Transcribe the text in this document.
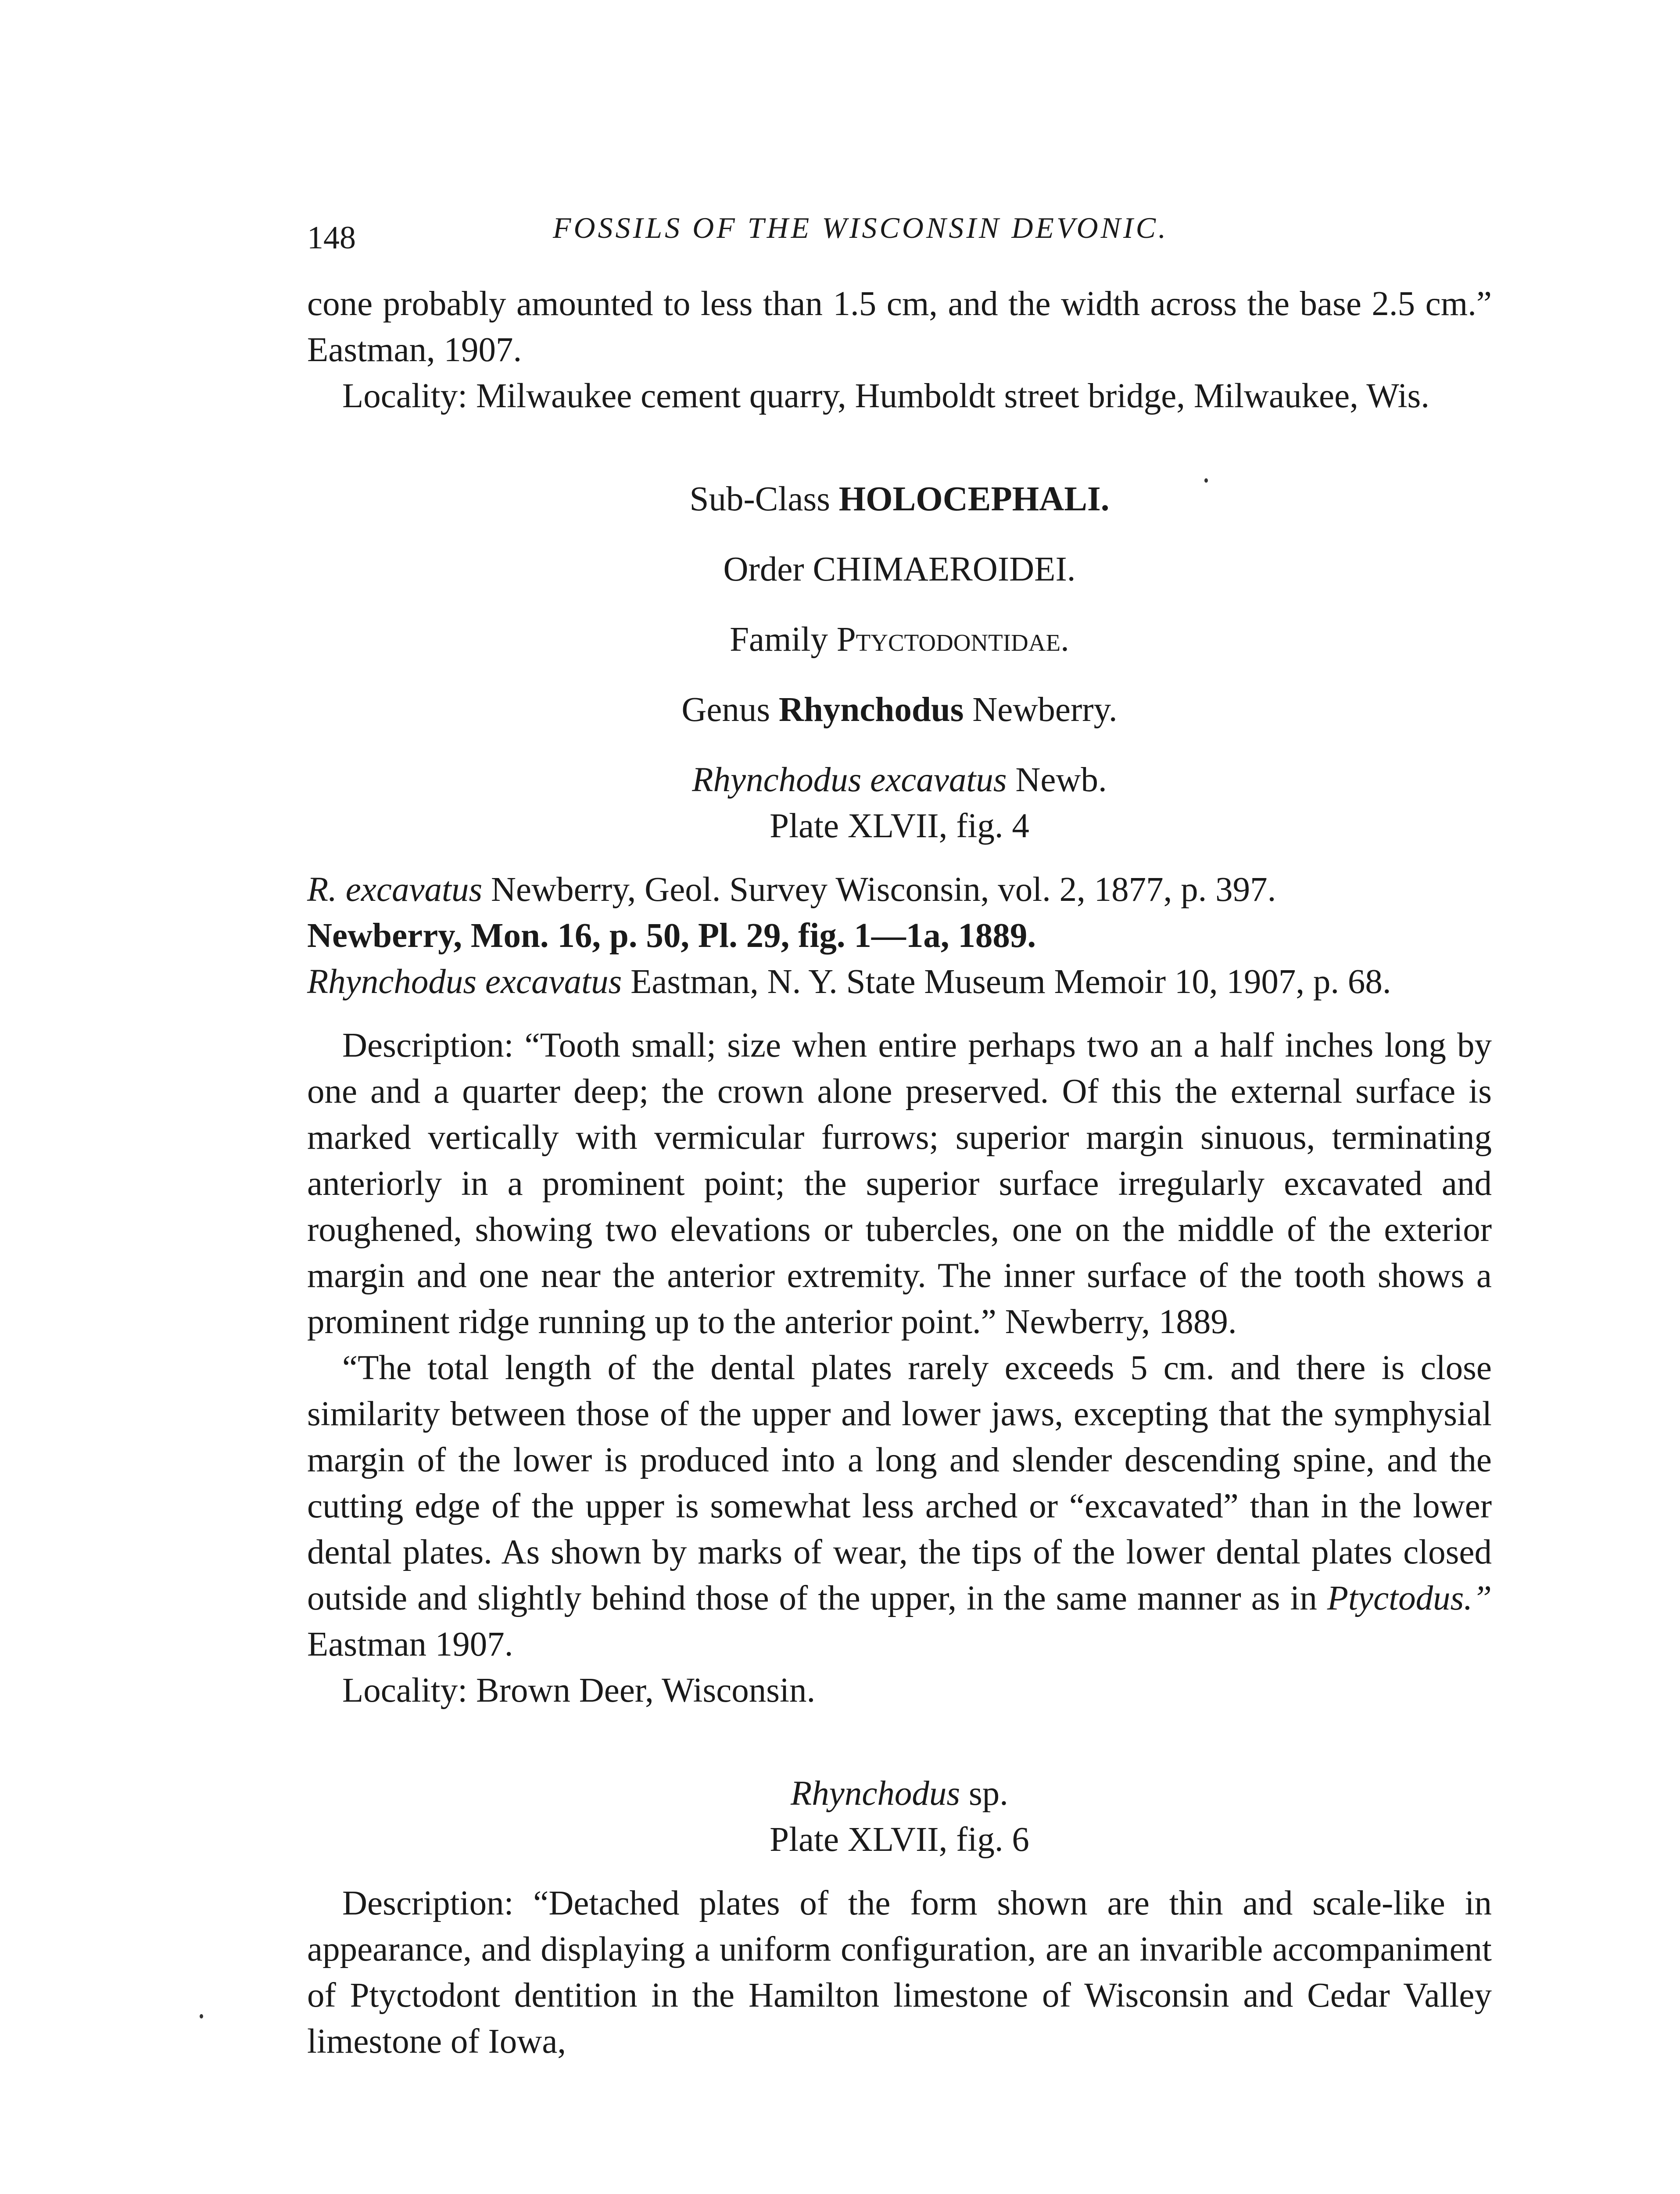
148	FOSSILS OF THE WISCONSIN DEVONIC.

cone probably amounted to less than 1.5 cm, and the width across the base 2.5 cm.” Eastman, 1907.

Locality: Milwaukee cement quarry, Humboldt street bridge, Milwaukee, Wis.

Sub-Class HOLOCEPHALI.

Order CHIMAEROIDEI.

Family Ptyctodontidae.

Genus Rhynchodus Newberry.

Rhynchodus excavatus Newb.

Plate XLVII, fig. 4

R. excavatus Newberry, Geol. Survey Wisconsin, vol. 2, 1877, p. 397.

Newberry, Mon. 16, p. 50, Pl. 29, fig. 1—1a, 1889.

Rhynchodus excavatus Eastman, N. Y. State Museum Memoir 10, 1907, p. 68.

Description: “Tooth small; size when entire perhaps two an a half inches long by one and a quarter deep; the crown alone preserved. Of this the external surface is marked vertically with vermicular furrows; superior margin sinuous, terminating anteriorly in a prominent point; the superior surface irregularly excavated and roughened, showing two elevations or tubercles, one on the middle of the exterior margin and one near the anterior extremity. The inner surface of the tooth shows a prominent ridge running up to the anterior point.” Newberry, 1889.

“The total length of the dental plates rarely exceeds 5 cm. and there is close similarity between those of the upper and lower jaws, excepting that the symphysial margin of the lower is produced into a long and slender descending spine, and the cutting edge of the upper is somewhat less arched or “excavated” than in the lower dental plates. As shown by marks of wear, the tips of the lower dental plates closed outside and slightly behind those of the upper, in the same manner as in Ptyctodus.” Eastman 1907.

Locality: Brown Deer, Wisconsin.

Rhynchodus sp.

Plate XLVII, fig. 6

Description: “Detached plates of the form shown are thin and scale-like in appearance, and displaying a uniform configuration, are an invarible accompaniment of Ptyctodont dentition in the Hamilton limestone of Wisconsin and Cedar Valley limestone of Iowa,
